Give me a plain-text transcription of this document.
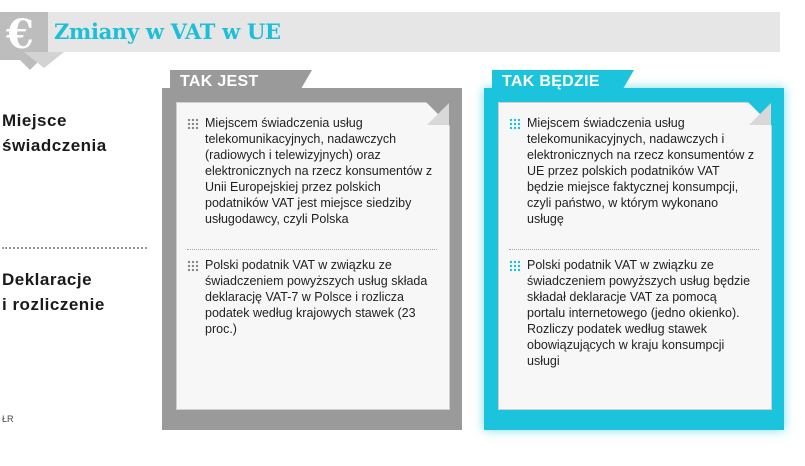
€ Zmiany w VAT w UE
Miejsce
świadczenia
Deklaracje
i rozliczenie
ŁR
TAK JEST
Miejscem świadczenia usług telekomunikacyjnych, nadawczych (radiowych i telewizyjnych) oraz elektronicznych na rzecz konsumentów z Unii Europejskiej przez polskich podatników VAT jest miejsce siedziby usługodawcy, czyli Polska
Polski podatnik VAT w związku ze świadczeniem powyższych usług składa deklarację VAT-7 w Polsce i rozlicza podatek według krajowych stawek (23 proc.)
TAK BĘDZIE
Miejscem świadczenia usług telekomunikacyjnych, nadawczych i elektronicznych na rzecz konsumentów z UE przez polskich podatników VAT będzie miejsce faktycznej konsumpcji, czyli państwo, w którym wykonano usługę
Polski podatnik VAT w związku ze świadczeniem powyższych usług będzie składał deklaracje VAT za pomocą portalu internetowego (jedno okienko). Rozliczy podatek według stawek obowiązujących w kraju konsumpcji usługi
